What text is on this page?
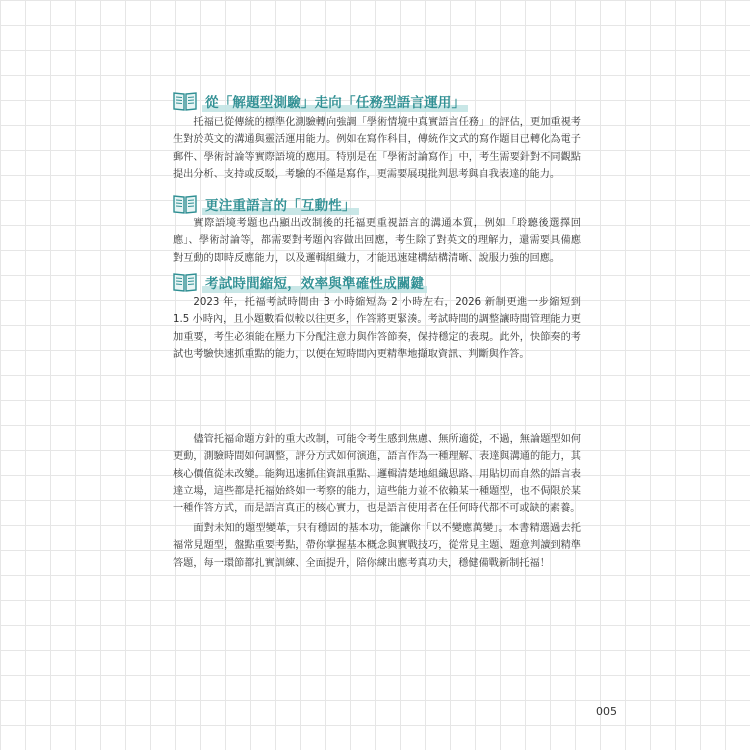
從「解題型測驗」走向「任務型語言運用」

托福已從傳統的標準化測驗轉向強調「學術情境中真實語言任務」的評估，更加重視考生對於英文的溝通與靈活運用能力。例如在寫作科目，傳統作文式的寫作題目已轉化為電子郵件、學術討論等實際語境的應用。特別是在「學術討論寫作」中，考生需要針對不同觀點提出分析、支持或反駁，考驗的不僅是寫作，更需要展現批判思考與自我表達的能力。

更注重語言的「互動性」

實際語境考題也凸顯出改制後的托福更重視語言的溝通本質，例如「聆聽後選擇回應」、學術討論等，都需要對考題內容做出回應，考生除了對英文的理解力，還需要具備應對互動的即時反應能力，以及邏輯組織力，才能迅速建構結構清晰、說服力強的回應。

考試時間縮短，效率與準確性成關鍵

2023 年，托福考試時間由 3 小時縮短為 2 小時左右，2026 新制更進一步縮短到 1.5 小時內，且小題數看似較以往更多，作答將更緊湊。考試時間的調整讓時間管理能力更加重要，考生必須能在壓力下分配注意力與作答節奏，保持穩定的表現。此外，快節奏的考試也考驗快速抓重點的能力，以便在短時間內更精準地擷取資訊、判斷與作答。

儘管托福命題方針的重大改制，可能令考生感到焦慮、無所適從，不過，無論題型如何更動，測驗時間如何調整，評分方式如何演進，語言作為一種理解、表達與溝通的能力，其核心價值從未改變。能夠迅速抓住資訊重點、邏輯清楚地組織思路、用貼切而自然的語言表達立場，這些都是托福始終如一考察的能力，這些能力並不依賴某一種題型，也不侷限於某一種作答方式，而是語言真正的核心實力，也是語言使用者在任何時代都不可或缺的素養。

面對未知的題型變革，只有穩固的基本功，能讓你「以不變應萬變」。本書精選過去托福常見題型，盤點重要考點，帶你掌握基本概念與實戰技巧，從常見主題、題意判讀到精準答題，每一環節都扎實訓練、全面提升，陪你練出應考真功夫，穩健備戰新制托福！

005
